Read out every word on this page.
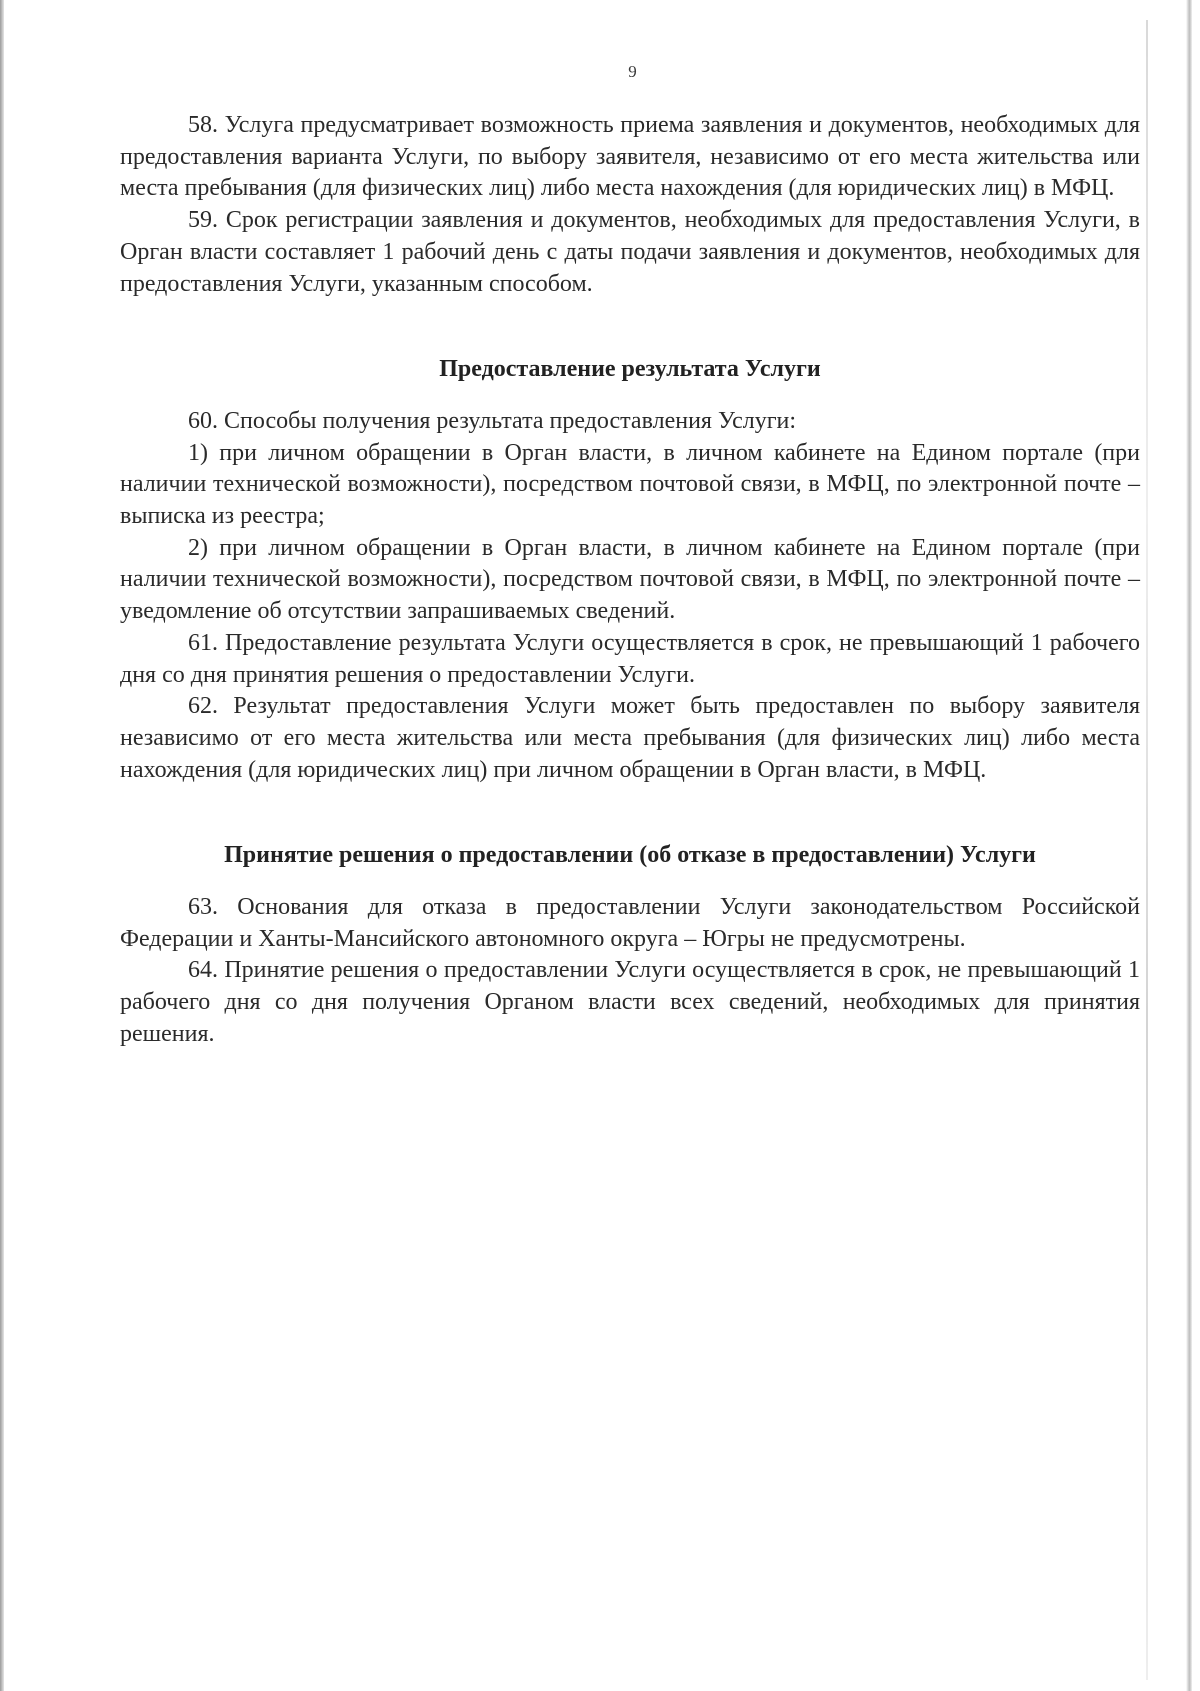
9

58. Услуга предусматривает возможность приема заявления и документов, необходимых для предоставления варианта Услуги, по выбору заявителя, независимо от его места жительства или места пребывания (для физических лиц) либо места нахождения (для юридических лиц) в МФЦ.

59. Срок регистрации заявления и документов, необходимых для предоставления Услуги, в Орган власти составляет 1 рабочий день с даты подачи заявления и документов, необходимых для предоставления Услуги, указанным способом.

Предоставление результата Услуги

60. Способы получения результата предоставления Услуги:

1) при личном обращении в Орган власти, в личном кабинете на Едином портале (при наличии технической возможности), посредством почтовой связи, в МФЦ, по электронной почте – выписка из реестра;

2) при личном обращении в Орган власти, в личном кабинете на Едином портале (при наличии технической возможности), посредством почтовой связи, в МФЦ, по электронной почте – уведомление об отсутствии запрашиваемых сведений.

61. Предоставление результата Услуги осуществляется в срок, не превышающий 1 рабочего дня со дня принятия решения о предоставлении Услуги.

62. Результат предоставления Услуги может быть предоставлен по выбору заявителя независимо от его места жительства или места пребывания (для физических лиц) либо места нахождения (для юридических лиц) при личном обращении в Орган власти, в МФЦ.

Принятие решения о предоставлении (об отказе в предоставлении) Услуги

63. Основания для отказа в предоставлении Услуги законодательством Российской Федерации и Ханты-Мансийского автономного округа – Югры не предусмотрены.

64. Принятие решения о предоставлении Услуги осуществляется в срок, не превышающий 1 рабочего дня со дня получения Органом власти всех сведений, необходимых для принятия решения.
